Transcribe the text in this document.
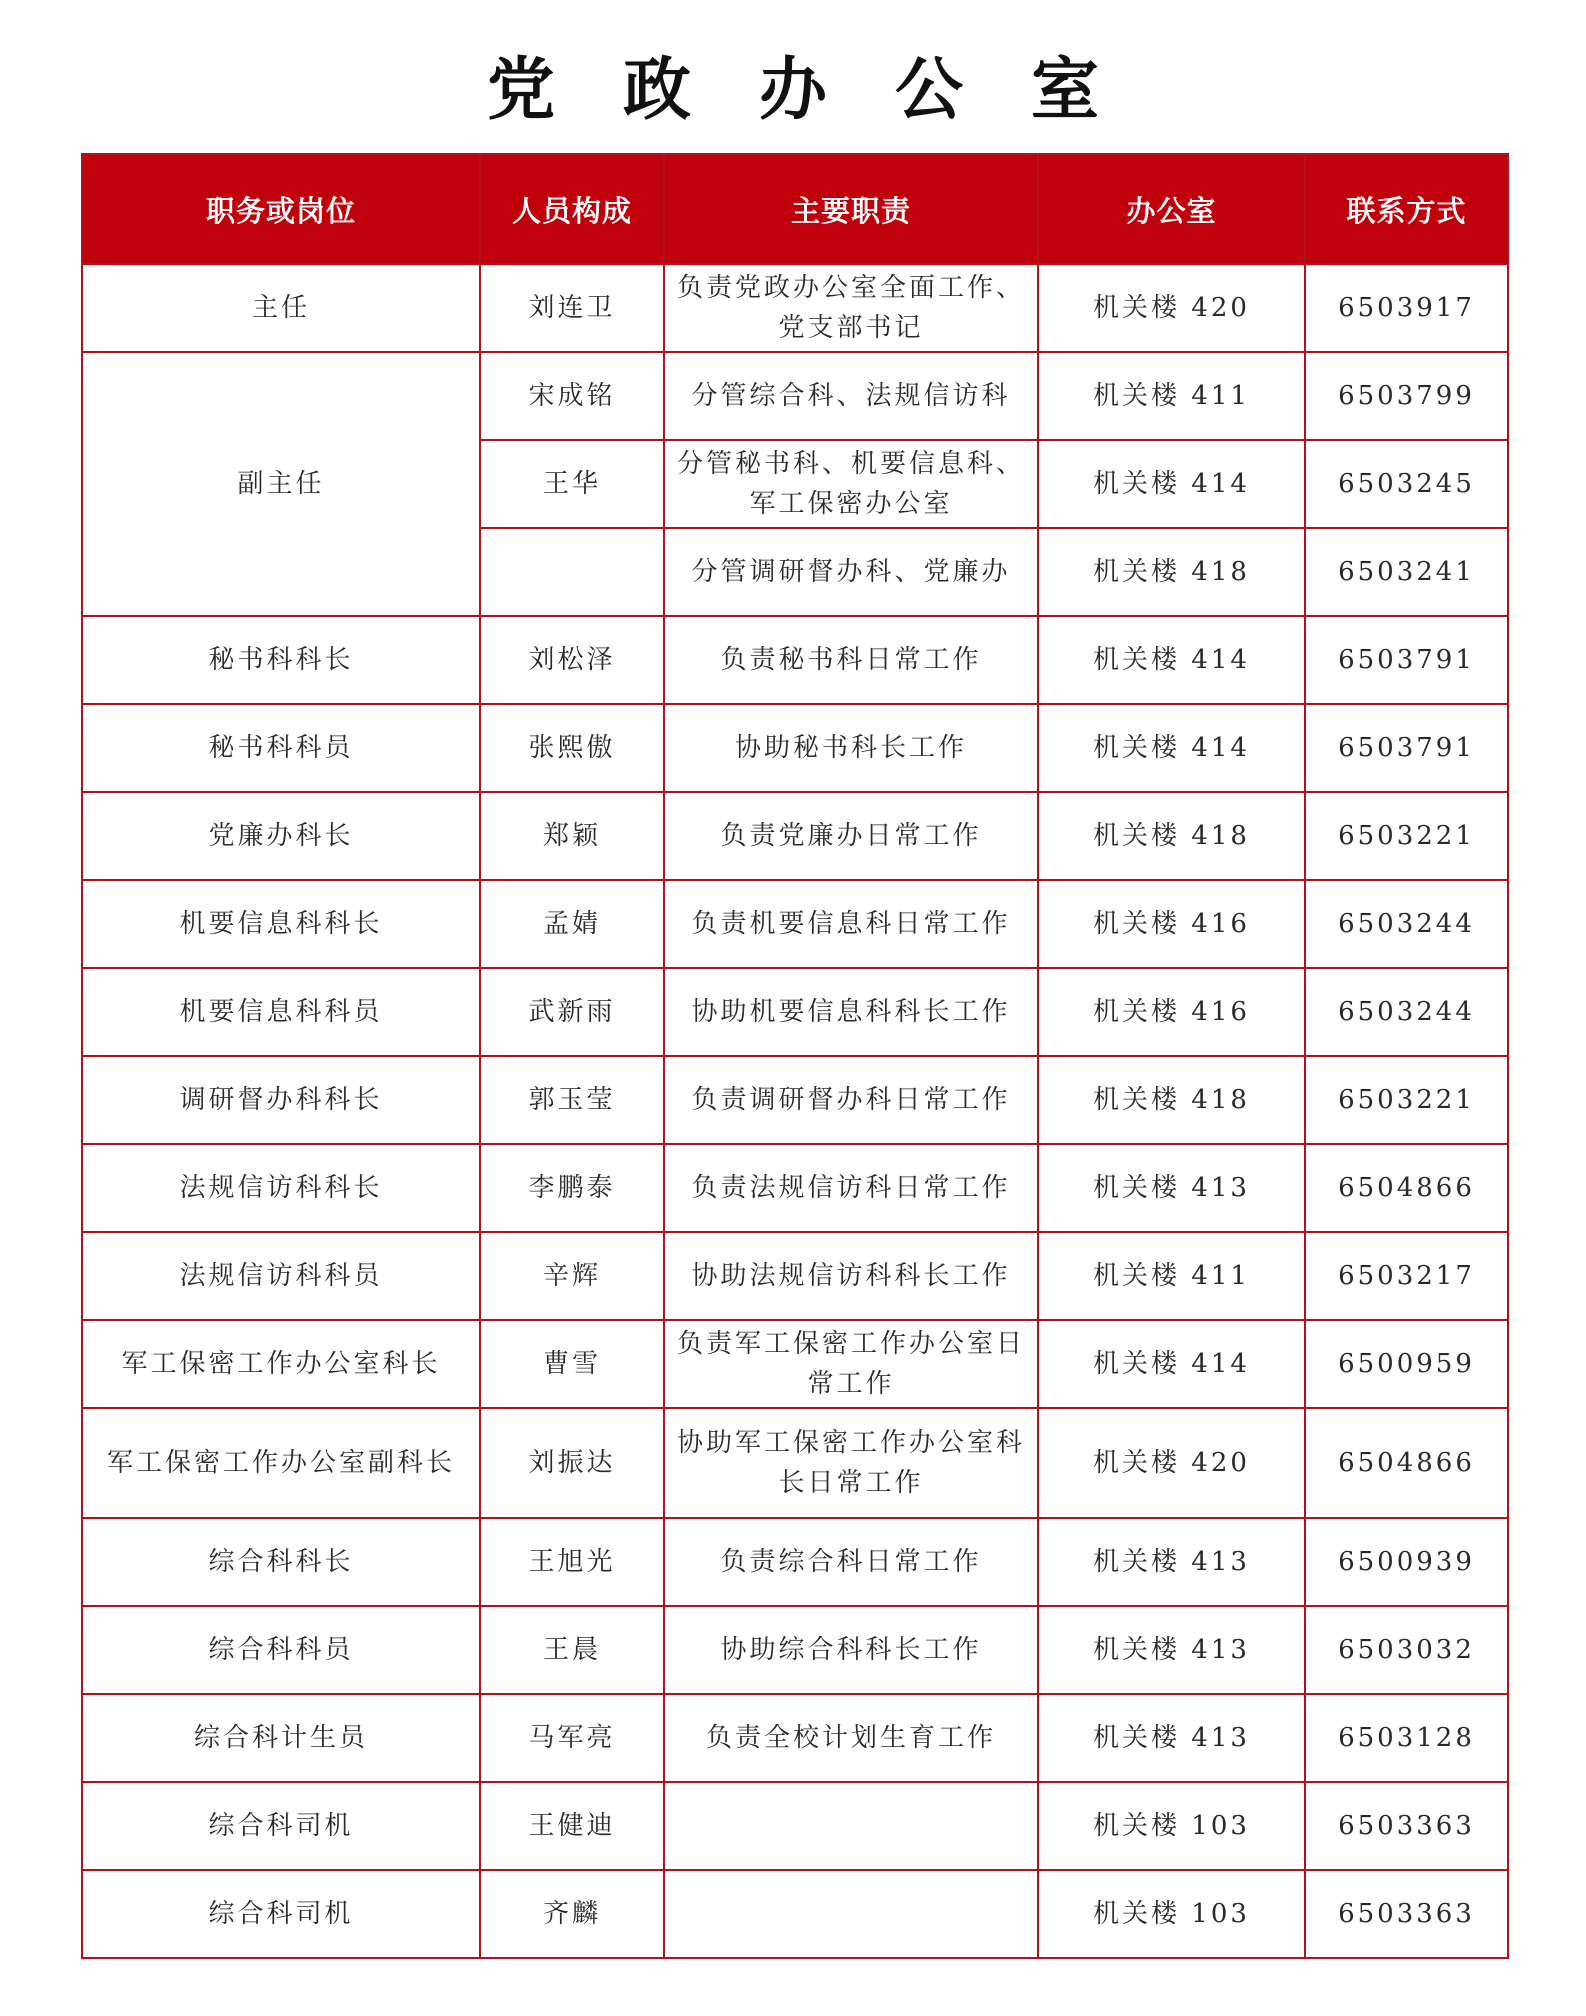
党 政 办 公 室
职务或岗位	人员构成	主要职责	办公室	联系方式
主任	刘连卫	负责党政办公室全面工作、党支部书记	机关楼 420	6503917
副主任	宋成铭	分管综合科、法规信访科	机关楼 411	6503799
	王华	分管秘书科、机要信息科、军工保密办公室	机关楼 414	6503245
		分管调研督办科、党廉办	机关楼 418	6503241
秘书科科长	刘松泽	负责秘书科日常工作	机关楼 414	6503791
秘书科科员	张熙傲	协助秘书科长工作	机关楼 414	6503791
党廉办科长	郑颖	负责党廉办日常工作	机关楼 418	6503221
机要信息科科长	孟婧	负责机要信息科日常工作	机关楼 416	6503244
机要信息科科员	武新雨	协助机要信息科科长工作	机关楼 416	6503244
调研督办科科长	郭玉莹	负责调研督办科日常工作	机关楼 418	6503221
法规信访科科长	李鹏泰	负责法规信访科日常工作	机关楼 413	6504866
法规信访科科员	辛辉	协助法规信访科科长工作	机关楼 411	6503217
军工保密工作办公室科长	曹雪	负责军工保密工作办公室日常工作	机关楼 414	6500959
军工保密工作办公室副科长	刘振达	协助军工保密工作办公室科长日常工作	机关楼 420	6504866
综合科科长	王旭光	负责综合科日常工作	机关楼 413	6500939
综合科科员	王晨	协助综合科科长工作	机关楼 413	6503032
综合科计生员	马军亮	负责全校计划生育工作	机关楼 413	6503128
综合科司机	王健迪		机关楼 103	6503363
综合科司机	齐麟		机关楼 103	6503363
